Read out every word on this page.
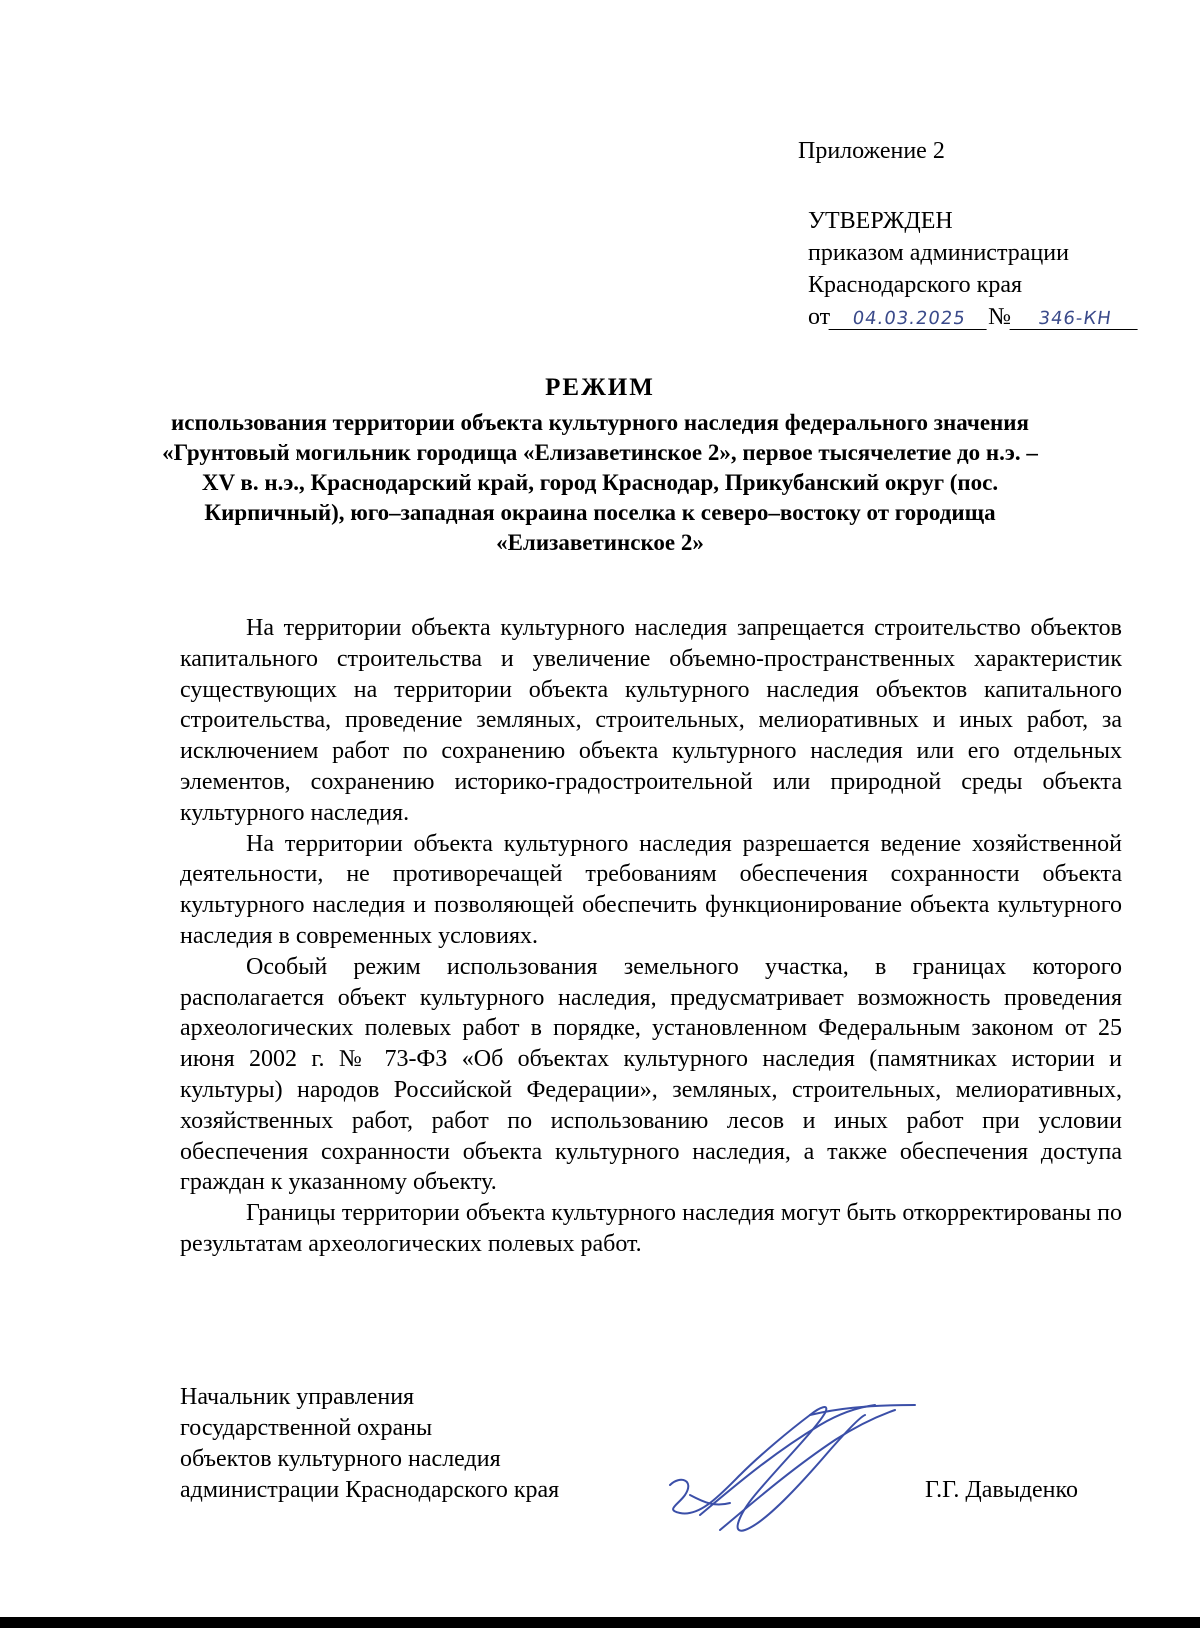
Приложение 2
УТВЕРЖДЕН
приказом администрации
Краснодарского края
от 04.03.2025 № 346-КН
РЕЖИМ
использования территории объекта культурного наследия федерального значения «Грунтовый могильник городища «Елизаветинское 2», первое тысячелетие до н.э. – XV в. н.э., Краснодарский край, город Краснодар, Прикубанский округ (пос. Кирпичный), юго–западная окраина поселка к северо–востоку от городища «Елизаветинское 2»

На территории объекта культурного наследия запрещается строительство объектов капитального строительства и увеличение объемно-пространственных характеристик существующих на территории объекта культурного наследия объектов капитального строительства, проведение земляных, строительных, мелиоративных и иных работ, за исключением работ по сохранению объекта культурного наследия или его отдельных элементов, сохранению историко-градостроительной или природной среды объекта культурного наследия.

На территории объекта культурного наследия разрешается ведение хозяйственной деятельности, не противоречащей требованиям обеспечения сохранности объекта культурного наследия и позволяющей обеспечить функционирование объекта культурного наследия в современных условиях.

Особый режим использования земельного участка, в границах которого располагается объект культурного наследия, предусматривает возможность проведения археологических полевых работ в порядке, установленном Федеральным законом от 25 июня 2002 г. № 73-ФЗ «Об объектах культурного наследия (памятниках истории и культуры) народов Российской Федерации», земляных, строительных, мелиоративных, хозяйственных работ, работ по использованию лесов и иных работ при условии обеспечения сохранности объекта культурного наследия, а также обеспечения доступа граждан к указанному объекту.

Границы территории объекта культурного наследия могут быть откорректированы по результатам археологических полевых работ.

Начальник управления
государственной охраны
объектов культурного наследия
администрации Краснодарского края	Г.Г. Давыденко
